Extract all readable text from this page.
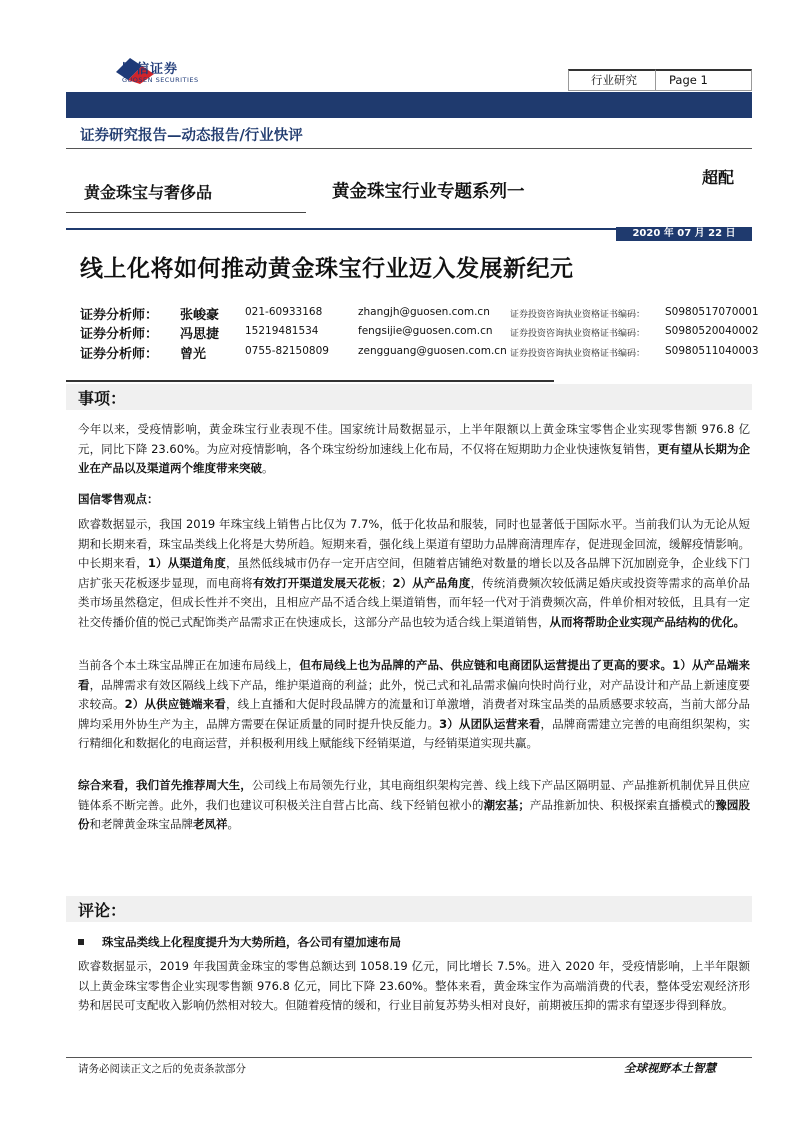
国信证券
GUOSEN SECURITIES	行业研究	Page 1
证券研究报告—动态报告/行业快评
黄金珠宝与奢侈品	黄金珠宝行业专题系列一
超配
2020 年 07 月 22 日
线上化将如何推动黄金珠宝行业迈入发展新纪元
证券分析师： 张峻豪 021-60933168	zhangjh@guosen.com.cn 证券投资咨询执业资格证书编码： S0980517070001
证券分析师： 冯思捷 15219481534	fengsijie@guosen.com.cn 证券投资咨询执业资格证书编码： S0980520040002
证券分析师： 曾光	0755-82150809	zengguang@guosen.com.cn 证券投资咨询执业资格证书编码： S0980511040003
事项：
今年以来，受疫情影响，黄金珠宝行业表现不佳。国家统计局数据显示，上半年限额以上黄金珠宝零售企业实现零售额 976.8 亿元，同比下降 23.60%。为应对疫情影响，各个珠宝纷纷加速线上化布局，不仅将在短期助力企业快速恢复销售，更有望从长期为企业在产品以及渠道两个维度带来突破。
国信零售观点：
欧睿数据显示，我国 2019 年珠宝线上销售占比仅为 7.7%，低于化妆品和服装，同时也显著低于国际水平。当前我们认为无论从短期和长期来看，珠宝品类线上化将是大势所趋。短期来看，强化线上渠道有望助力品牌商清理库存，促进现金回流，缓解疫情影响。中长期来看，1）从渠道角度，虽然低线城市仍存一定开店空间，但随着店铺绝对数量的增长以及各品牌下沉加剧竞争，企业线下门店扩张天花板逐步显现，而电商将有效打开渠道发展天花板；2）从产品角度，传统消费频次较低满足婚庆或投资等需求的高单价品类市场虽然稳定，但成长性并不突出，且相应产品不适合线上渠道销售，而年轻一代对于消费频次高，件单价相对较低，且具有一定社交传播价值的悦己式配饰类产品需求正在快速成长，这部分产品也较为适合线上渠道销售，从而将帮助企业实现产品结构的优化。
当前各个本土珠宝品牌正在加速布局线上，但布局线上也为品牌的产品、供应链和电商团队运营提出了更高的要求。1）从产品端来看，品牌需求有效区隔线上线下产品，维护渠道商的利益；此外，悦己式和礼品需求偏向快时尚行业，对产品设计和产品上新速度要求较高。2）从供应链端来看，线上直播和大促时段品牌方的流量和订单激增，消费者对珠宝品类的品质感要求较高，当前大部分品牌均采用外协生产为主，品牌方需要在保证质量的同时提升快反能力。3）从团队运营来看，品牌商需建立完善的电商组织架构，实行精细化和数据化的电商运营，并积极利用线上赋能线下经销渠道，与经销渠道实现共赢。
综合来看，我们首先推荐周大生，公司线上布局领先行业，其电商组织架构完善、线上线下产品区隔明显、产品推新机制优异且供应链体系不断完善。此外，我们也建议可积极关注自营占比高、线下经销包袱小的潮宏基；产品推新加快、积极探索直播模式的豫园股份和老牌黄金珠宝品牌老凤祥。
评论：
珠宝品类线上化程度提升为大势所趋，各公司有望加速布局
欧睿数据显示，2019 年我国黄金珠宝的零售总额达到 1058.19 亿元，同比增长 7.5%。进入 2020 年，受疫情影响，上半年限额以上黄金珠宝零售企业实现零售额 976.8 亿元，同比下降 23.60%。整体来看，黄金珠宝作为高端消费的代表，整体受宏观经济形势和居民可支配收入影响仍然相对较大。但随着疫情的缓和，行业目前复苏势头相对良好，前期被压抑的需求有望逐步得到释放。
请务必阅读正文之后的免责条款部分	全球视野本土智慧
